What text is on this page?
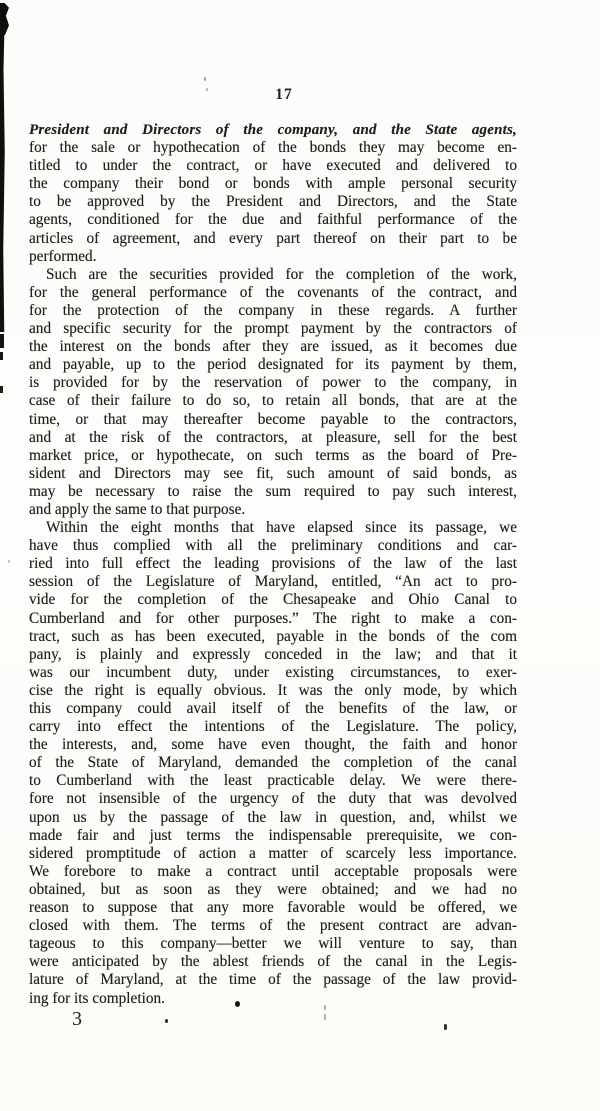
17
President and Directors of the company, and the State agents,
for the sale or hypothecation of the bonds they may become en-
titled to under the contract, or have executed and delivered to
the company their bond or bonds with ample personal security
to be approved by the President and Directors, and the State
agents, conditioned for the due and faithful performance of the
articles of agreement, and every part thereof on their part to be
performed.
Such are the securities provided for the completion of the work,
for the general performance of the covenants of the contract, and
for the protection of the company in these regards. A further
and specific security for the prompt payment by the contractors of
the interest on the bonds after they are issued, as it becomes due
and payable, up to the period designated for its payment by them,
is provided for by the reservation of power to the company, in
case of their failure to do so, to retain all bonds, that are at the
time, or that may thereafter become payable to the contractors,
and at the risk of the contractors, at pleasure, sell for the best
market price, or hypothecate, on such terms as the board of Pre-
sident and Directors may see fit, such amount of said bonds, as
may be necessary to raise the sum required to pay such interest,
and apply the same to that purpose.
Within the eight months that have elapsed since its passage, we
have thus complied with all the preliminary conditions and car-
ried into full effect the leading provisions of the law of the last
session of the Legislature of Maryland, entitled, “An act to pro-
vide for the completion of the Chesapeake and Ohio Canal to
Cumberland and for other purposes.” The right to make a con-
tract, such as has been executed, payable in the bonds of the com
pany, is plainly and expressly conceded in the law; and that it
was our incumbent duty, under existing circumstances, to exer-
cise the right is equally obvious. It was the only mode, by which
this company could avail itself of the benefits of the law, or
carry into effect the intentions of the Legislature. The policy,
the interests, and, some have even thought, the faith and honor
of the State of Maryland, demanded the completion of the canal
to Cumberland with the least practicable delay. We were there-
fore not insensible of the urgency of the duty that was devolved
upon us by the passage of the law in question, and, whilst we
made fair and just terms the indispensable prerequisite, we con-
sidered promptitude of action a matter of scarcely less importance.
We forebore to make a contract until acceptable proposals were
obtained, but as soon as they were obtained; and we had no
reason to suppose that any more favorable would be offered, we
closed with them. The terms of the present contract are advan-
tageous to this company—better we will venture to say, than
were anticipated by the ablest friends of the canal in the Legis-
lature of Maryland, at the time of the passage of the law provid-
ing for its completion.
3
